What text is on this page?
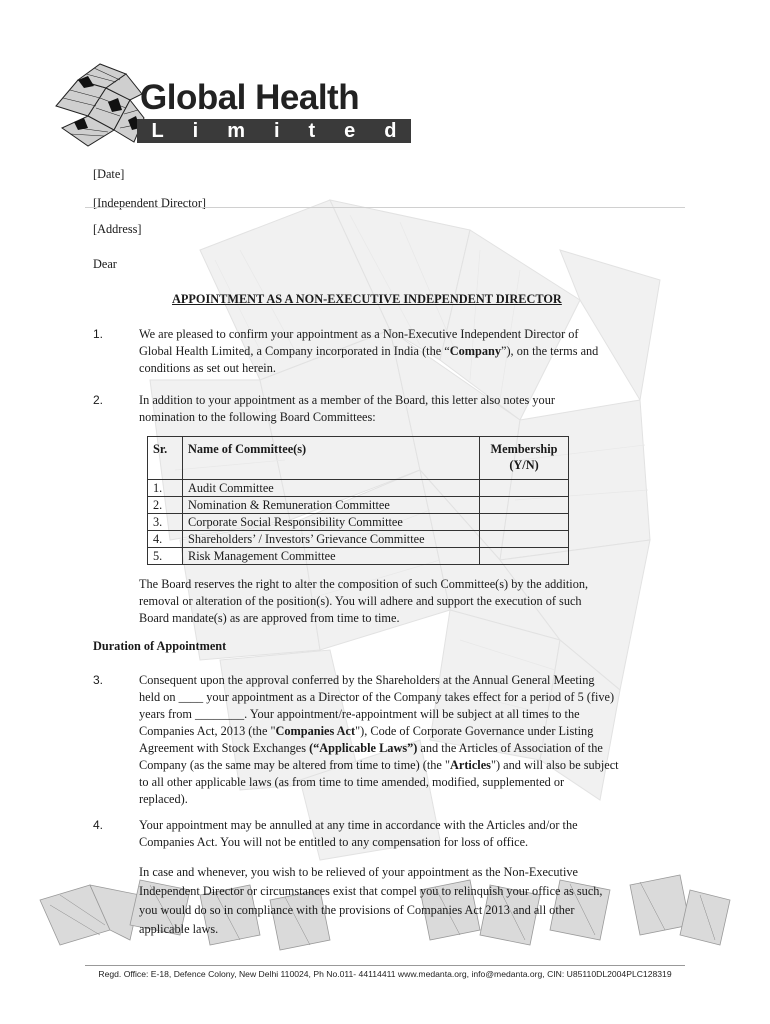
Global Health
L i m i t e d
[Date]
[Independent Director]
[Address]
Dear
APPOINTMENT AS A NON-EXECUTIVE INDEPENDENT DIRECTOR
1.	We are pleased to confirm your appointment as a Non-Executive Independent Director of
Global Health Limited, a Company incorporated in India (the “Company”), on the terms and
conditions as set out herein.
2.	In addition to your appointment as a member of the Board, this letter also notes your
nomination to the following Board Committees:
Sr.	Name of Committee(s)	Membership
(Y/N)
1.	Audit Committee	
2.	Nomination & Remuneration Committee	
3.	Corporate Social Responsibility Committee	
4.	Shareholders’ / Investors’ Grievance Committee	
5.	Risk Management Committee	
The Board reserves the right to alter the composition of such Committee(s) by the addition,
removal or alteration of the position(s). You will adhere and support the execution of such
Board mandate(s) as are approved from time to time.
Duration of Appointment
3.	Consequent upon the approval conferred by the Shareholders at the Annual General Meeting
held on ____ your appointment as a Director of the Company takes effect for a period of 5 (five)
years from ________. Your appointment/re-appointment will be subject at all times to the
Companies Act, 2013 (the "Companies Act"), Code of Corporate Governance under Listing
Agreement with Stock Exchanges (“Applicable Laws”) and the Articles of Association of the
Company (as the same may be altered from time to time) (the "Articles") and will also be subject
to all other applicable laws (as from time to time amended, modified, supplemented or
replaced).
4.	Your appointment may be annulled at any time in accordance with the Articles and/or the
Companies Act. You will not be entitled to any compensation for loss of office.
In case and whenever, you wish to be relieved of your appointment as the Non-Executive
Independent Director or circumstances exist that compel you to relinquish your office as such,
you would do so in compliance with the provisions of Companies Act 2013 and all other
applicable laws.
Regd. Office: E-18, Defence Colony, New Delhi 110024, Ph No.011- 44114411 www.medanta.org, info@medanta.org, CIN: U85110DL2004PLC128319
